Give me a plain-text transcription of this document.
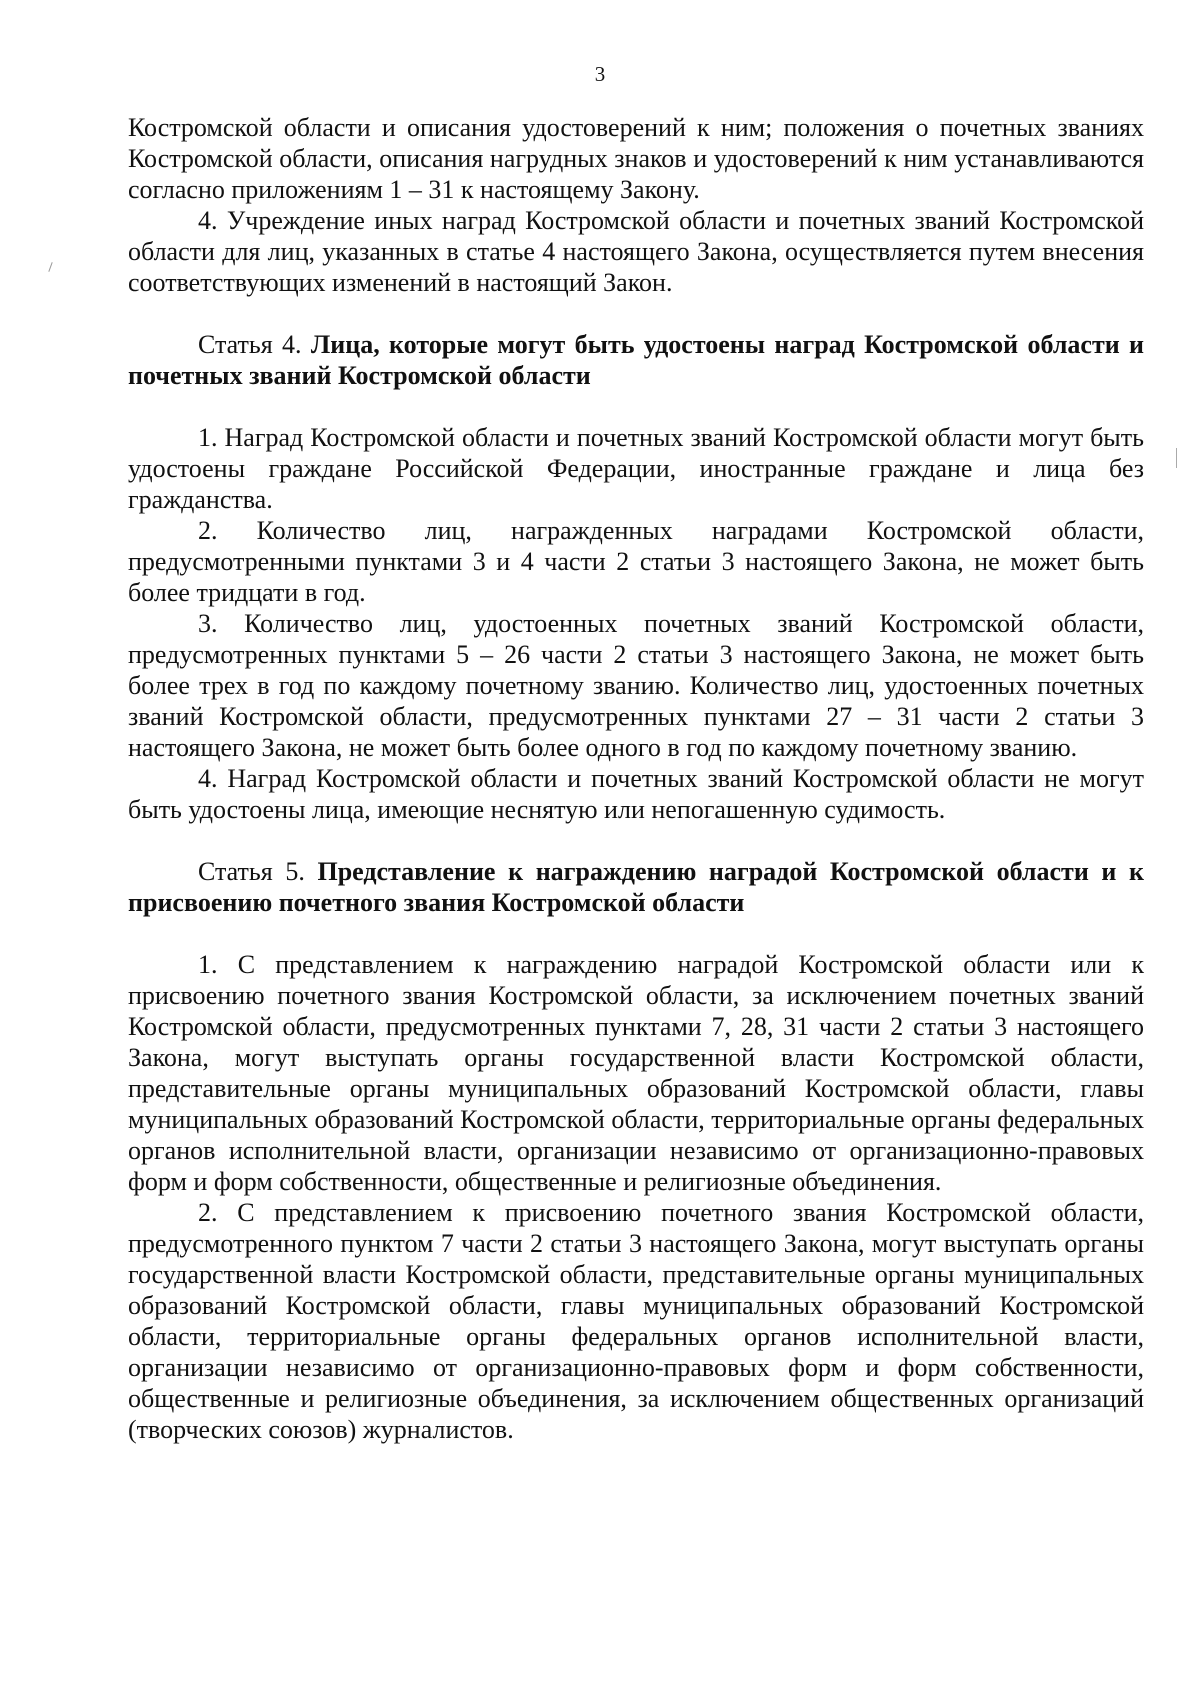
3

Костромской области и описания удостоверений к ним; положения о почетных званиях Костромской области, описания нагрудных знаков и удостоверений к ним устанавливаются согласно приложениям 1 – 31 к настоящему Закону.

4. Учреждение иных наград Костромской области и почетных званий Костромской области для лиц, указанных в статье 4 настоящего Закона, осуществляется путем внесения соответствующих изменений в настоящий Закон.

Статья 4. Лица, которые могут быть удостоены наград Костромской области и почетных званий Костромской области

1. Наград Костромской области и почетных званий Костромской области могут быть удостоены граждане Российской Федерации, иностранные граждане и лица без гражданства.

2. Количество лиц, награжденных наградами Костромской области, предусмотренными пунктами 3 и 4 части 2 статьи 3 настоящего Закона, не может быть более тридцати в год.

3. Количество лиц, удостоенных почетных званий Костромской области, предусмотренных пунктами 5 – 26 части 2 статьи 3 настоящего Закона, не может быть более трех в год по каждому почетному званию. Количество лиц, удостоенных почетных званий Костромской области, предусмотренных пунктами 27 – 31 части 2 статьи 3 настоящего Закона, не может быть более одного в год по каждому почетному званию.

4. Наград Костромской области и почетных званий Костромской области не могут быть удостоены лица, имеющие неснятую или непогашенную судимость.

Статья 5. Представление к награждению наградой Костромской области и к присвоению почетного звания Костромской области

1. С представлением к награждению наградой Костромской области или к присвоению почетного звания Костромской области, за исключением почетных званий Костромской области, предусмотренных пунктами 7, 28, 31 части 2 статьи 3 настоящего Закона, могут выступать органы государственной власти Костромской области, представительные органы муниципальных образований Костромской области, главы муниципальных образований Костромской области, территориальные органы федеральных органов исполнительной власти, организации независимо от организационно-правовых форм и форм собственности, общественные и религиозные объединения.

2. С представлением к присвоению почетного звания Костромской области, предусмотренного пунктом 7 части 2 статьи 3 настоящего Закона, могут выступать органы государственной власти Костромской области, представительные органы муниципальных образований Костромской области, главы муниципальных образований Костромской области, территориальные органы федеральных органов исполнительной власти, организации независимо от организационно-правовых форм и форм собственности, общественные и религиозные объединения, за исключением общественных организаций (творческих союзов) журналистов.
